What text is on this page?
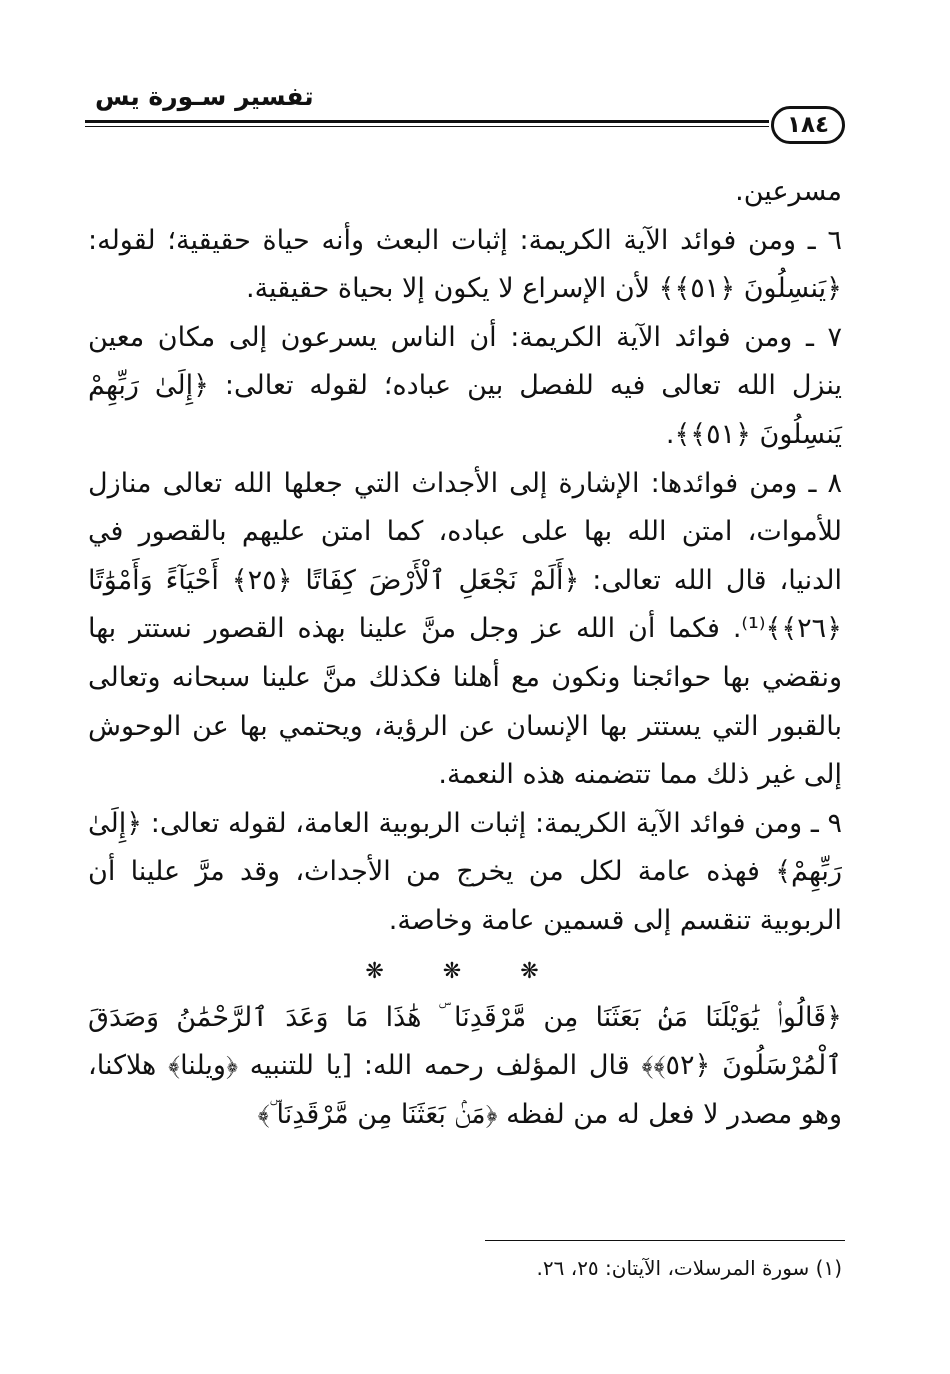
تفسير سـورة يس
١٨٤

مسرعين.

٦ ـ ومن فوائد الآية الكريمة: إثبات البعث وأنه حياة حقيقية؛ لقوله: ﴿يَنسِلُونَ ﴿٥١﴾﴾ لأن الإسراع لا يكون إلا بحياة حقيقية.

٧ ـ ومن فوائد الآية الكريمة: أن الناس يسرعون إلى مكان معين ينزل الله تعالى فيه للفصل بين عباده؛ لقوله تعالى: ﴿إِلَىٰ رَبِّهِمْ يَنسِلُونَ ﴿٥١﴾﴾.

٨ ـ ومن فوائدها: الإشارة إلى الأجداث التي جعلها الله تعالى منازل للأموات، امتن الله بها على عباده، كما امتن عليهم بالقصور في الدنيا، قال الله تعالى: ﴿أَلَمْ نَجْعَلِ ٱلْأَرْضَ كِفَاتًا ﴿٢٥﴾ أَحْيَآءً وَأَمْوَٰتًا ﴿٢٦﴾﴾⁽¹⁾. فكما أن الله عز وجل منَّ علينا بهذه القصور نستتر بها ونقضي بها حوائجنا ونكون مع أهلنا فكذلك منَّ علينا سبحانه وتعالى بالقبور التي يستتر بها الإنسان عن الرؤية، ويحتمي بها عن الوحوش إلى غير ذلك مما تتضمنه هذه النعمة.

٩ ـ ومن فوائد الآية الكريمة: إثبات الربوبية العامة، لقوله تعالى: ﴿إِلَىٰ رَبِّهِمْ﴾ فهذه عامة لكل من يخرج من الأجداث، وقد مرَّ علينا أن الربوبية تنقسم إلى قسمين عامة وخاصة.

❋ ❋ ❋

﴿قَالُوا۟ يَٰوَيْلَنَا مَنۢ بَعَثَنَا مِن مَّرْقَدِنَا ۜ هَٰذَا مَا وَعَدَ ٱلرَّحْمَٰنُ وَصَدَقَ ٱلْمُرْسَلُونَ ﴿٥٢﴾﴾ قال المؤلف رحمه الله: [يا للتنبيه ﴿ويلنا﴾ هلاكنا، وهو مصدر لا فعل له من لفظه ﴿مَنۢ بَعَثَنَا مِن مَّرْقَدِنَا ۜ﴾

(١) سورة المرسلات، الآيتان: ٢٥، ٢٦.
